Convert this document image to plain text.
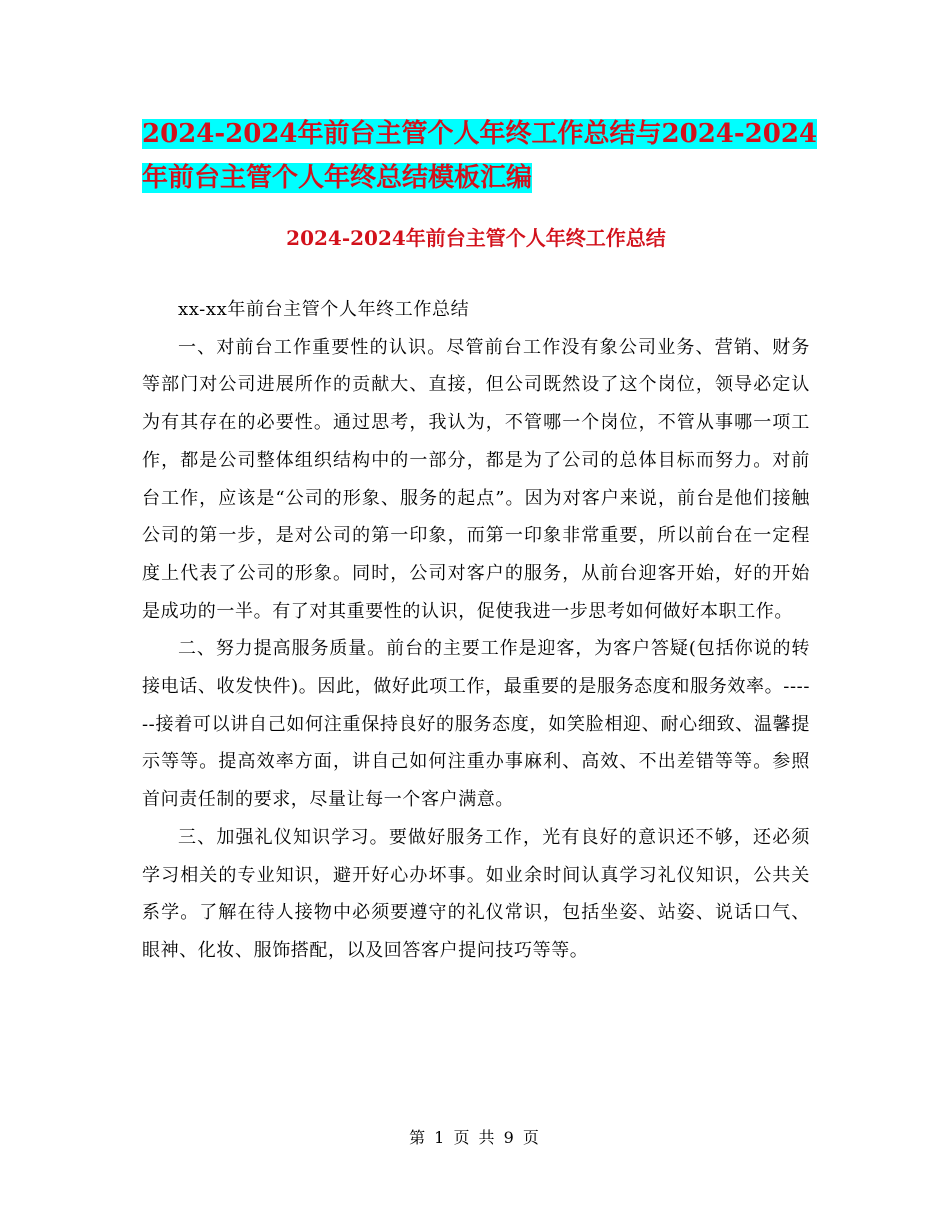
2024-2024年前台主管个人年终工作总结与2024-2024
年前台主管个人年终总结模板汇编
2024-2024年前台主管个人年终工作总结

xx-xx年前台主管个人年终工作总结

一、对前台工作重要性的认识。尽管前台工作没有象公司业务、营销、财务等部门对公司进展所作的贡献大、直接，但公司既然设了这个岗位，领导必定认为有其存在的必要性。通过思考，我认为，不管哪一个岗位，不管从事哪一项工作，都是公司整体组织结构中的一部分，都是为了公司的总体目标而努力。对前台工作，应该是“公司的形象、服务的起点”。因为对客户来说，前台是他们接触公司的第一步，是对公司的第一印象，而第一印象非常重要，所以前台在一定程度上代表了公司的形象。同时，公司对客户的服务，从前台迎客开始，好的开始是成功的一半。有了对其重要性的认识，促使我进一步思考如何做好本职工作。

二、努力提高服务质量。前台的主要工作是迎客，为客户答疑(包括你说的转接电话、收发快件)。因此，做好此项工作，最重要的是服务态度和服务效率。------接着可以讲自己如何注重保持良好的服务态度，如笑脸相迎、耐心细致、温馨提示等等。提高效率方面，讲自己如何注重办事麻利、高效、不出差错等等。参照首问责任制的要求，尽量让每一个客户满意。

三、加强礼仪知识学习。要做好服务工作，光有良好的意识还不够，还必须学习相关的专业知识，避开好心办坏事。如业余时间认真学习礼仪知识，公共关系学。了解在待人接物中必须要遵守的礼仪常识，包括坐姿、站姿、说话口气、眼神、化妆、服饰搭配，以及回答客户提问技巧等等。

第 1 页 共 9 页
